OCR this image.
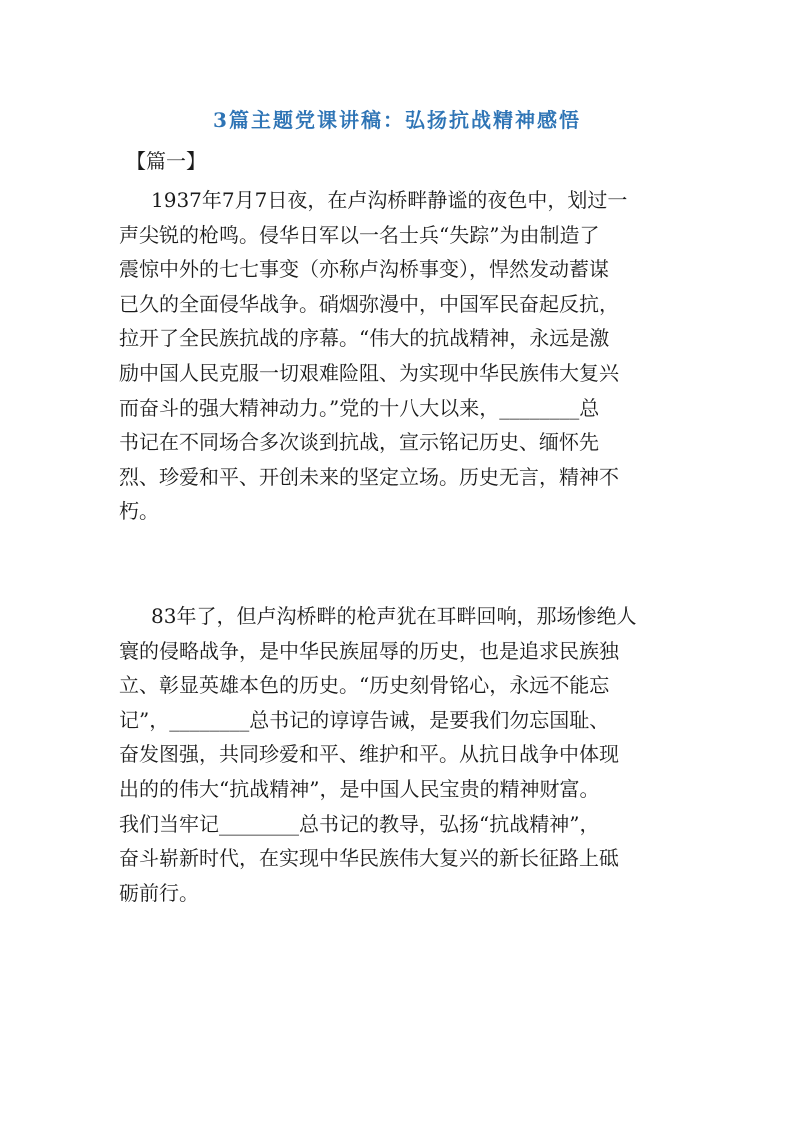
3篇主题党课讲稿：弘扬抗战精神感悟
【篇一】
1937年7月7日夜，在卢沟桥畔静谧的夜色中，划过一
声尖锐的枪鸣。侵华日军以一名士兵“失踪”为由制造了
震惊中外的七七事变（亦称卢沟桥事变），悍然发动蓄谋
已久的全面侵华战争。硝烟弥漫中，中国军民奋起反抗，
拉开了全民族抗战的序幕。“伟大的抗战精神，永远是激
励中国人民克服一切艰难险阻、为实现中华民族伟大复兴
而奋斗的强大精神动力。”党的十八大以来，________总
书记在不同场合多次谈到抗战，宣示铭记历史、缅怀先
烈、珍爱和平、开创未来的坚定立场。历史无言，精神不
朽。
83年了，但卢沟桥畔的枪声犹在耳畔回响，那场惨绝人
寰的侵略战争，是中华民族屈辱的历史，也是追求民族独
立、彰显英雄本色的历史。“历史刻骨铭心，永远不能忘
记”，________总书记的谆谆告诫，是要我们勿忘国耻、
奋发图强，共同珍爱和平、维护和平。从抗日战争中体现
出的的伟大“抗战精神”，是中国人民宝贵的精神财富。
我们当牢记________总书记的教导，弘扬“抗战精神”，
奋斗崭新时代，在实现中华民族伟大复兴的新长征路上砥
砺前行。
